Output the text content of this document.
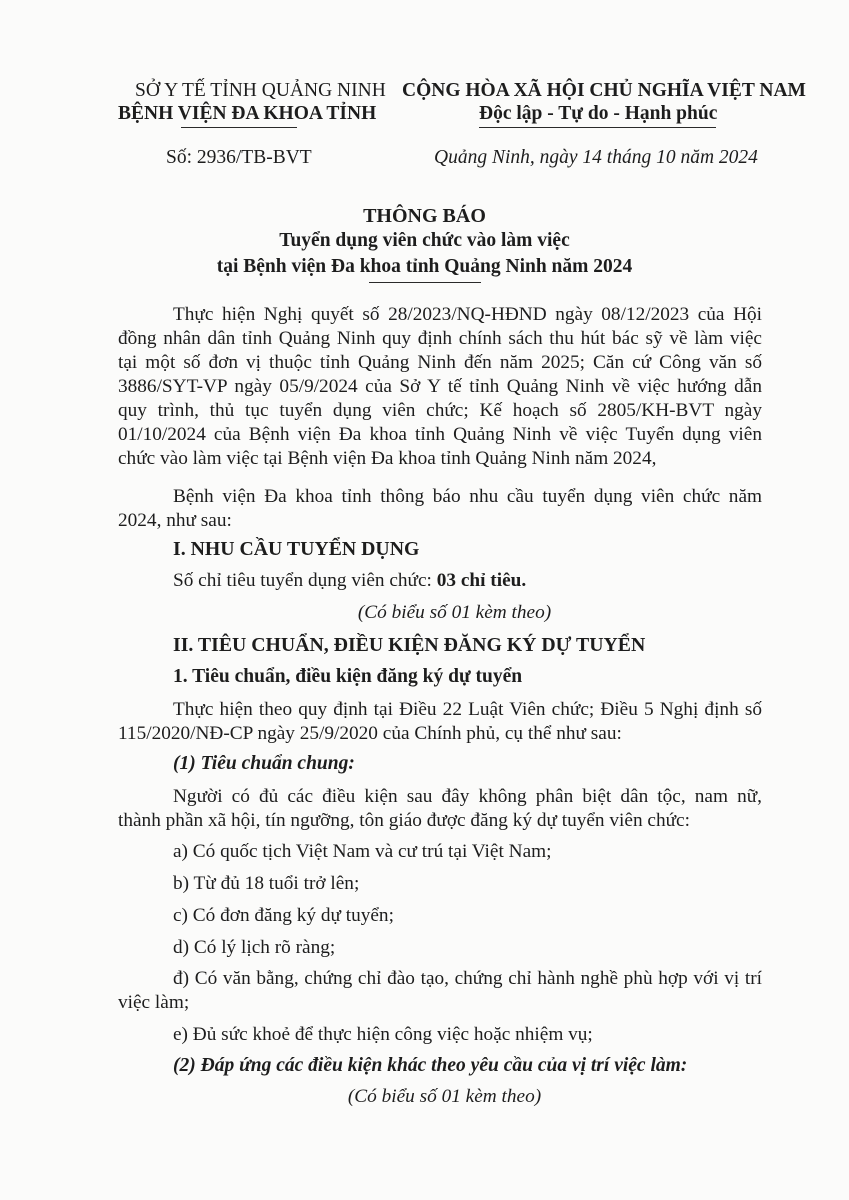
SỞ Y TẾ TỈNH QUẢNG NINH
BỆNH VIỆN ĐA KHOA TỈNH
CỘNG HÒA XÃ HỘI CHỦ NGHĨA VIỆT NAM
Độc lập - Tự do - Hạnh phúc
Số: 2936/TB-BVT	Quảng Ninh, ngày 14 tháng 10 năm 2024
THÔNG BÁO
Tuyển dụng viên chức vào làm việc
tại Bệnh viện Đa khoa tỉnh Quảng Ninh năm 2024
Thực hiện Nghị quyết số 28/2023/NQ-HĐND ngày 08/12/2023 của Hội
đồng nhân dân tỉnh Quảng Ninh quy định chính sách thu hút bác sỹ về làm việc
tại một số đơn vị thuộc tỉnh Quảng Ninh đến năm 2025; Căn cứ Công văn số
3886/SYT-VP ngày 05/9/2024 của Sở Y tế tỉnh Quảng Ninh về việc hướng dẫn
quy trình, thủ tục tuyển dụng viên chức; Kế hoạch số 2805/KH-BVT ngày
01/10/2024 của Bệnh viện Đa khoa tỉnh Quảng Ninh về việc Tuyển dụng viên
chức vào làm việc tại Bệnh viện Đa khoa tỉnh Quảng Ninh năm 2024,
Bệnh viện Đa khoa tỉnh thông báo nhu cầu tuyển dụng viên chức năm
2024, như sau:
I. NHU CẦU TUYỂN DỤNG
Số chỉ tiêu tuyển dụng viên chức: 03 chỉ tiêu.
(Có biểu số 01 kèm theo)
II. TIÊU CHUẨN, ĐIỀU KIỆN ĐĂNG KÝ DỰ TUYỂN
1. Tiêu chuẩn, điều kiện đăng ký dự tuyển
Thực hiện theo quy định tại Điều 22 Luật Viên chức; Điều 5 Nghị định số
115/2020/NĐ-CP ngày 25/9/2020 của Chính phủ, cụ thể như sau:
(1) Tiêu chuẩn chung:
Người có đủ các điều kiện sau đây không phân biệt dân tộc, nam nữ,
thành phần xã hội, tín ngưỡng, tôn giáo được đăng ký dự tuyển viên chức:
a) Có quốc tịch Việt Nam và cư trú tại Việt Nam;
b) Từ đủ 18 tuổi trở lên;
c) Có đơn đăng ký dự tuyển;
d) Có lý lịch rõ ràng;
đ) Có văn bằng, chứng chỉ đào tạo, chứng chỉ hành nghề phù hợp với vị trí
việc làm;
e) Đủ sức khoẻ để thực hiện công việc hoặc nhiệm vụ;
(2) Đáp ứng các điều kiện khác theo yêu cầu của vị trí việc làm:
(Có biểu số 01 kèm theo)
